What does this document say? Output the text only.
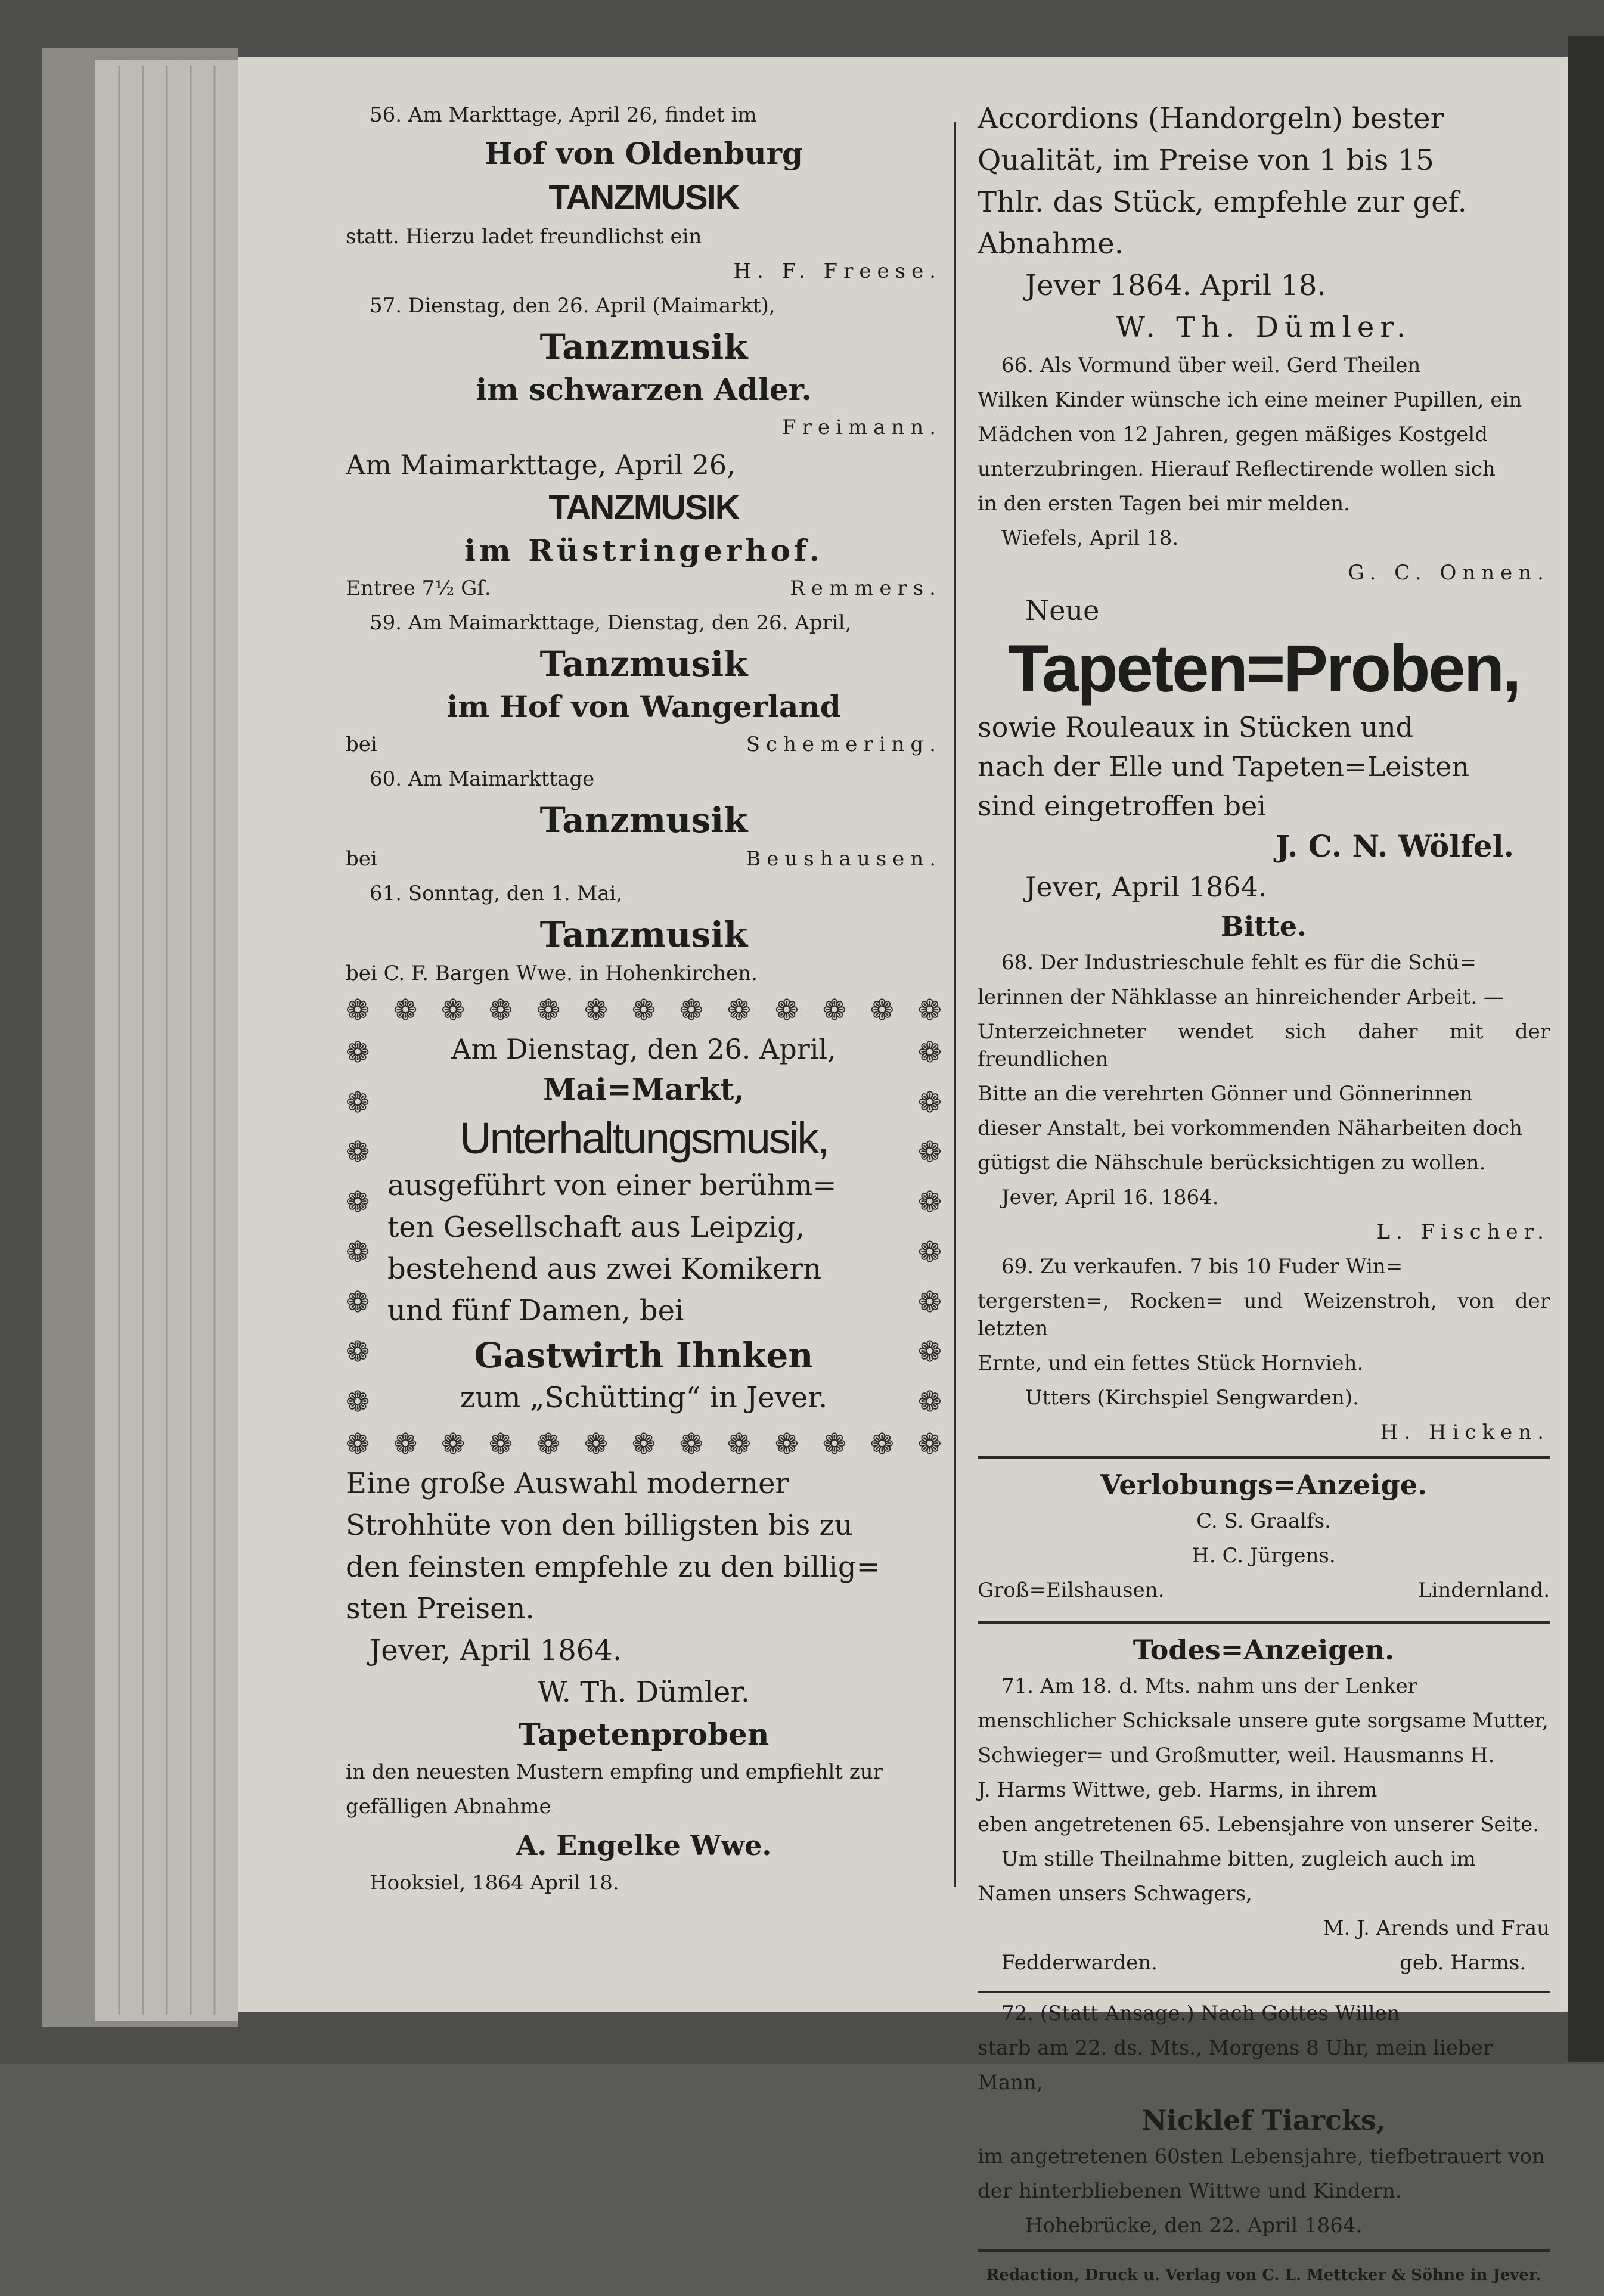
56. Am Markttage, April 26, findet im

Hof von Oldenburg

TANZMUSIK

statt. Hierzu ladet freundlichst ein

H. F. Freese.

57. Dienstag, den 26. April (Maimarkt),

Tanzmusik

im schwarzen Adler.

Freimann.

Am Maimarkttage, April 26,

TANZMUSIK

im Rüstringerhof.

Entree 7½ Gſ.	Remmers.

59. Am Maimarkttage, Dienstag, den 26. April,

Tanzmusik

im Hof von Wangerland

bei	Schemering.

60. Am Maimarkttage

Tanzmusik

bei	Beushausen.

61. Sonntag, den 1. Mai,

Tanzmusik

bei C. F. Bargen Wwe. in Hohenkirchen.

❁ ❁ ❁ ❁ ❁ ❁ ❁ ❁ ❁ ❁ ❁ ❁ ❁
❁
❁
❁
❁
❁
❁
❁
❁
❁
❁
❁
❁
❁
❁
❁
❁

Am Dienstag, den 26. April,

Mai=Markt,

Unterhaltungsmusik,

ausgeführt von einer berühm=

ten Gesellschaft aus Leipzig,

bestehend aus zwei Komikern

und fünf Damen, bei

Gastwirth Ihnken

zum „Schütting“ in Jever.

❁ ❁ ❁ ❁ ❁ ❁ ❁ ❁ ❁ ❁ ❁ ❁ ❁

Eine große Auswahl moderner

Strohhüte von den billigsten bis zu

den feinsten empfehle zu den billig=

sten Preisen.

Jever, April 1864.

W. Th. Dümler.

Tapetenproben

in den neuesten Mustern empfing und empfiehlt zur

gefälligen Abnahme

A. Engelke Wwe.

Hooksiel, 1864 April 18.

Accordions (Handorgeln) bester

Qualität, im Preise von 1 bis 15

Thlr. das Stück, empfehle zur gef.

Abnahme.

Jever 1864. April 18.

W. Th. Dümler.

66. Als Vormund über weil. Gerd Theilen

Wilken Kinder wünsche ich eine meiner Pupillen, ein

Mädchen von 12 Jahren, gegen mäßiges Kostgeld

unterzubringen. Hierauf Reflectirende wollen sich

in den ersten Tagen bei mir melden.

Wiefels, April 18.

G. C. Onnen.

Neue

Tapeten=Proben,

sowie Rouleaux in Stücken und

nach der Elle und Tapeten=Leisten

sind eingetroffen bei

J. C. N. Wölfel.

Jever, April 1864.

Bitte.

68. Der Industrieschule fehlt es für die Schü=

lerinnen der Nähklasse an hinreichender Arbeit. —

Unterzeichneter wendet sich daher mit der freundlichen

Bitte an die verehrten Gönner und Gönnerinnen

dieser Anstalt, bei vorkommenden Näharbeiten doch

gütigst die Nähschule berücksichtigen zu wollen.

Jever, April 16. 1864.

L. Fischer.

69. Zu verkaufen. 7 bis 10 Fuder Win=

tergersten=, Rocken= und Weizenstroh, von der letzten

Ernte, und ein fettes Stück Hornvieh.

Utters (Kirchspiel Sengwarden).

H. Hicken.

Verlobungs=Anzeige.

C. S. Graalfs.

H. C. Jürgens.

Groß=Eilshausen.	Lindernland.

Todes=Anzeigen.

71. Am 18. d. Mts. nahm uns der Lenker

menschlicher Schicksale unsere gute sorgsame Mutter,

Schwieger= und Großmutter, weil. Hausmanns H.

J. Harms Wittwe, geb. Harms, in ihrem

eben angetretenen 65. Lebensjahre von unserer Seite.

Um stille Theilnahme bitten, zugleich auch im

Namen unsers Schwagers,

M. J. Arends und Frau

Fedderwarden.	geb. Harms.

72. (Statt Ansage.) Nach Gottes Willen

starb am 22. ds. Mts., Morgens 8 Uhr, mein lieber

Mann,

Nicklef Tiarcks,

im angetretenen 60sten Lebensjahre, tiefbetrauert von

der hinterbliebenen Wittwe und Kindern.

Hohebrücke, den 22. April 1864.

Redaction, Druck u. Verlag von C. L. Mettcker & Söhne in Jever.
